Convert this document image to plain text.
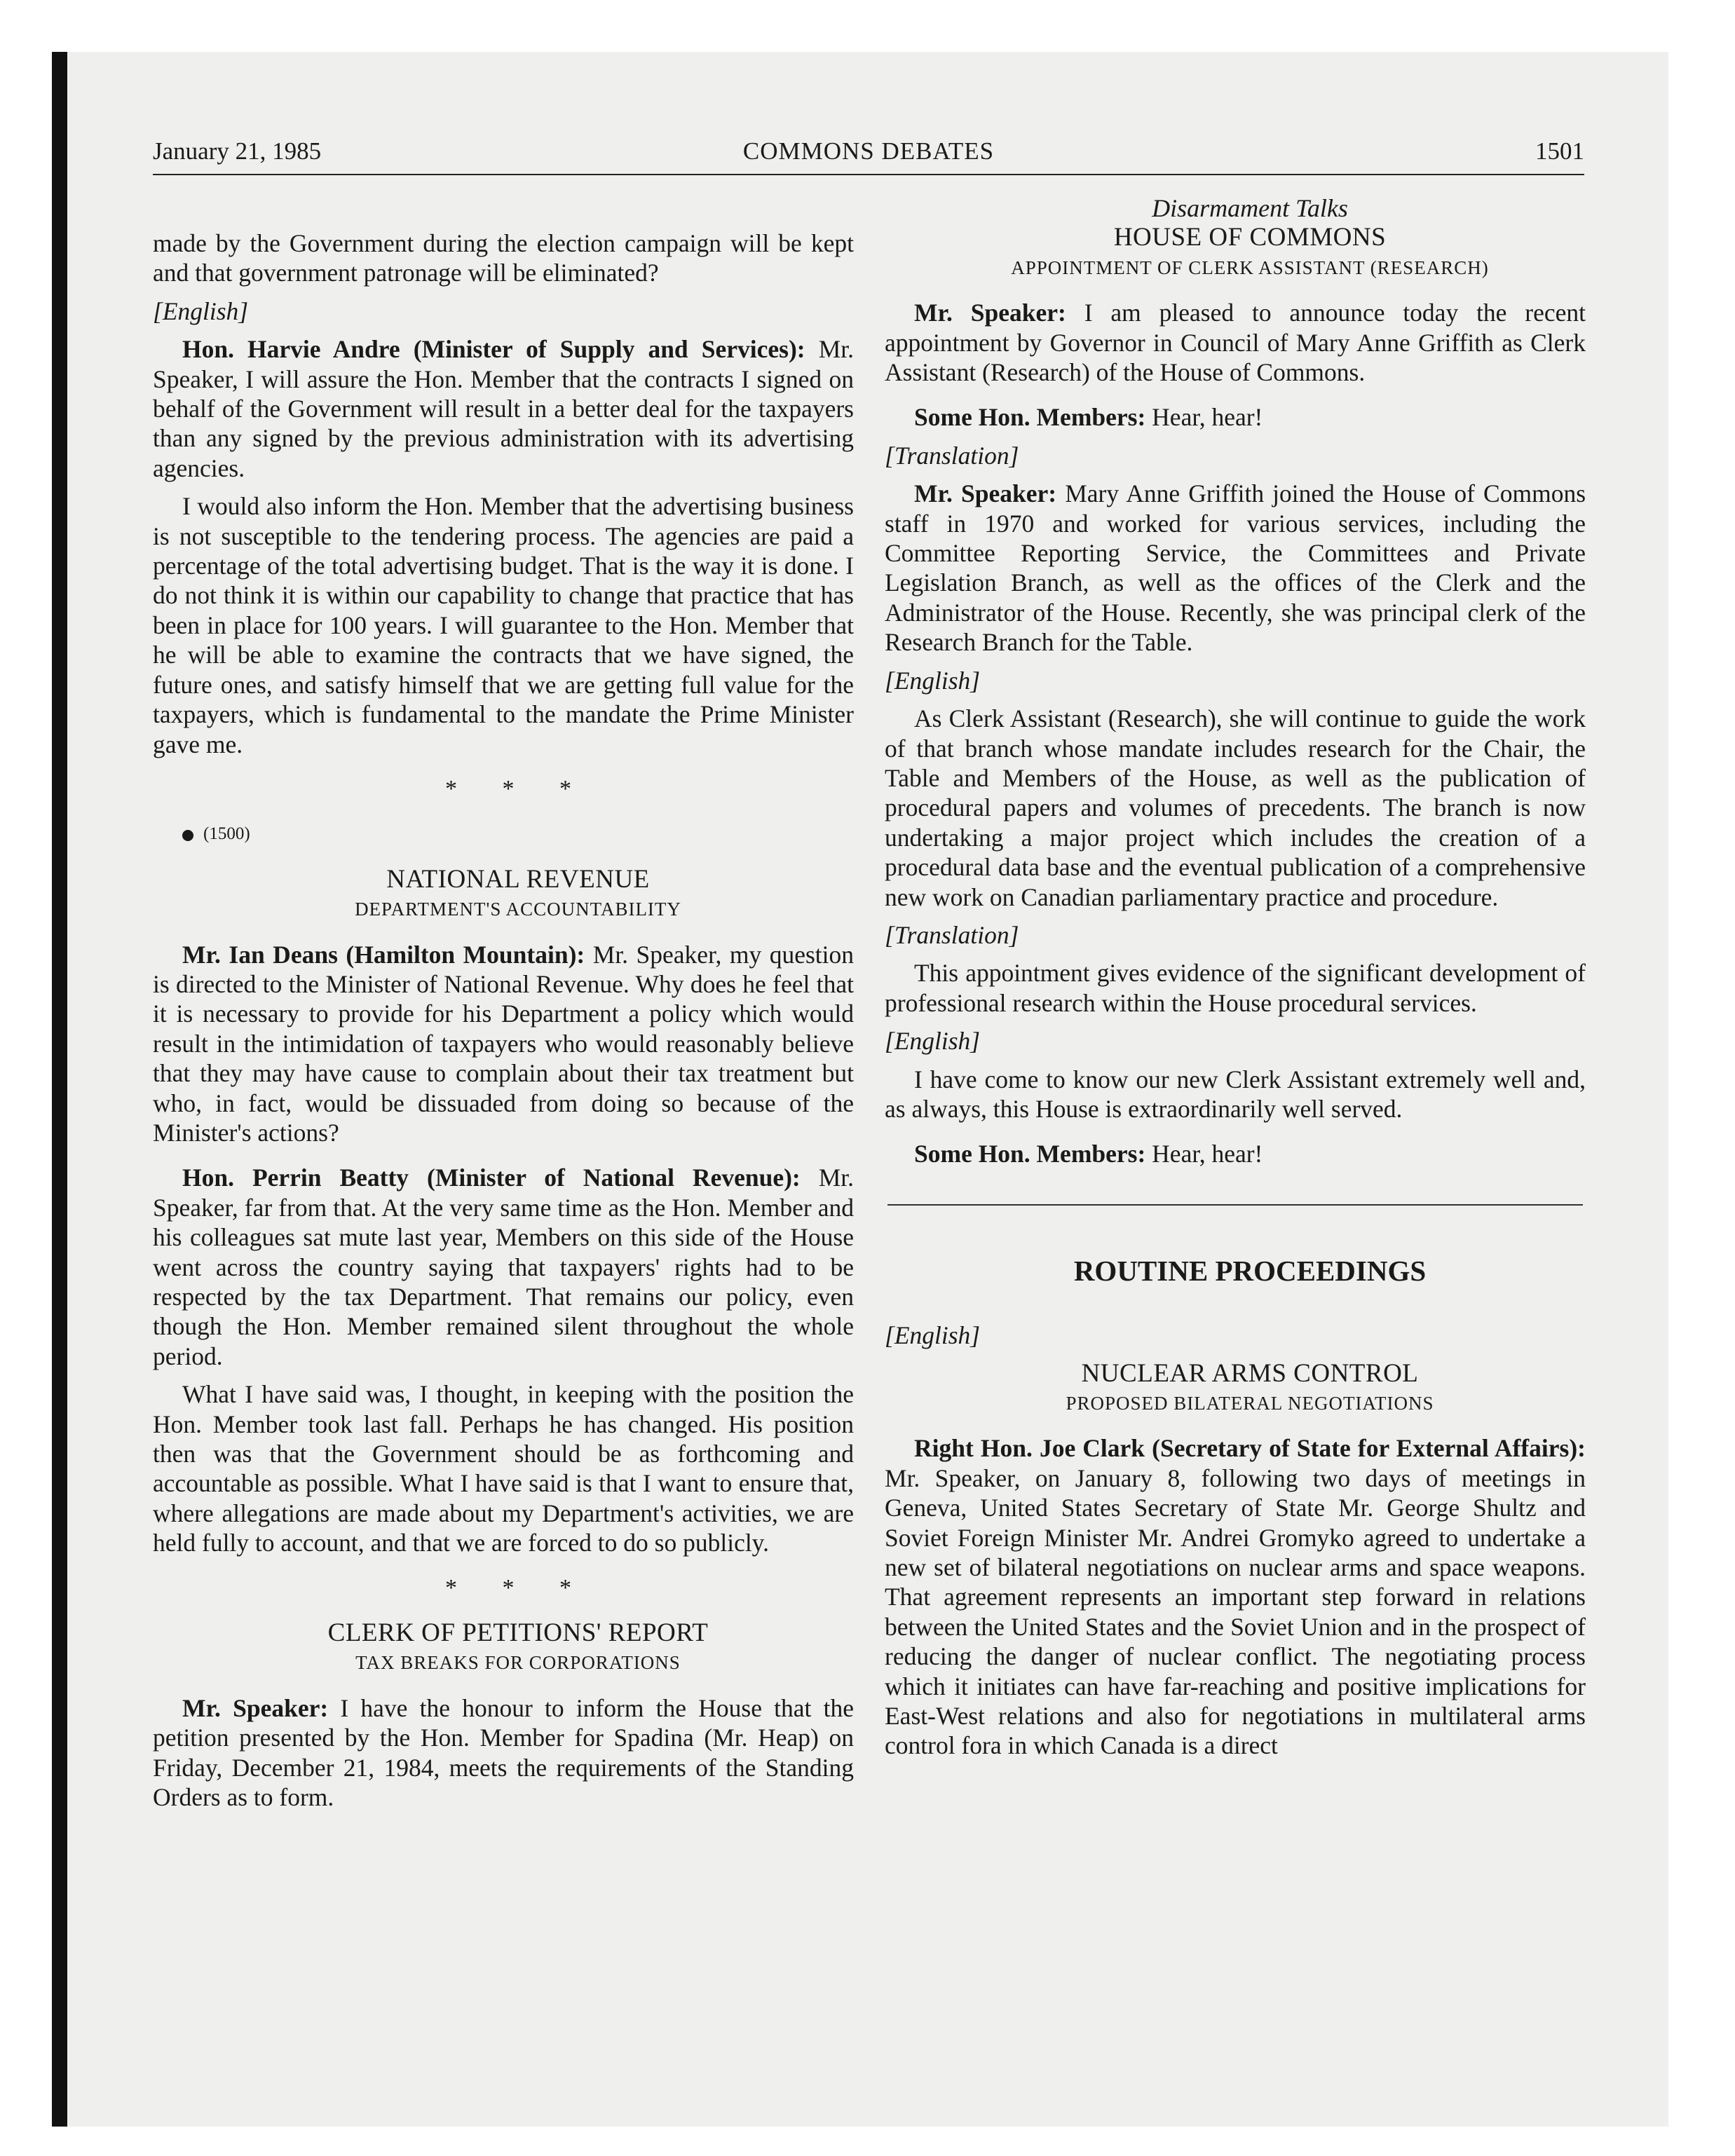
January 21, 1985	COMMONS DEBATES	1501

made by the Government during the election campaign will be kept and that government patronage will be eliminated?

[English]

Hon. Harvie Andre (Minister of Supply and Services): Mr. Speaker, I will assure the Hon. Member that the contracts I signed on behalf of the Government will result in a better deal for the taxpayers than any signed by the previous administration with its advertising agencies.

I would also inform the Hon. Member that the advertising business is not susceptible to the tendering process. The agencies are paid a percentage of the total advertising budget. That is the way it is done. I do not think it is within our capability to change that practice that has been in place for 100 years. I will guarantee to the Hon. Member that he will be able to examine the contracts that we have signed, the future ones, and satisfy himself that we are getting full value for the taxpayers, which is fundamental to the mandate the Prime Minister gave me.

* * *

(1500)

NATIONAL REVENUE

DEPARTMENT'S ACCOUNTABILITY

Mr. Ian Deans (Hamilton Mountain): Mr. Speaker, my question is directed to the Minister of National Revenue. Why does he feel that it is necessary to provide for his Department a policy which would result in the intimidation of taxpayers who would reasonably believe that they may have cause to complain about their tax treatment but who, in fact, would be dissuaded from doing so because of the Minister's actions?

Hon. Perrin Beatty (Minister of National Revenue): Mr. Speaker, far from that. At the very same time as the Hon. Member and his colleagues sat mute last year, Members on this side of the House went across the country saying that taxpayers' rights had to be respected by the tax Department. That remains our policy, even though the Hon. Member remained silent throughout the whole period.

What I have said was, I thought, in keeping with the position the Hon. Member took last fall. Perhaps he has changed. His position then was that the Government should be as forthcoming and accountable as possible. What I have said is that I want to ensure that, where allegations are made about my Department's activities, we are held fully to account, and that we are forced to do so publicly.

* * *

CLERK OF PETITIONS' REPORT

TAX BREAKS FOR CORPORATIONS

Mr. Speaker: I have the honour to inform the House that the petition presented by the Hon. Member for Spadina (Mr. Heap) on Friday, December 21, 1984, meets the requirements of the Standing Orders as to form.

Disarmament Talks

HOUSE OF COMMONS

APPOINTMENT OF CLERK ASSISTANT (RESEARCH)

Mr. Speaker: I am pleased to announce today the recent appointment by Governor in Council of Mary Anne Griffith as Clerk Assistant (Research) of the House of Commons.

Some Hon. Members: Hear, hear!

[Translation]

Mr. Speaker: Mary Anne Griffith joined the House of Commons staff in 1970 and worked for various services, including the Committee Reporting Service, the Committees and Private Legislation Branch, as well as the offices of the Clerk and the Administrator of the House. Recently, she was principal clerk of the Research Branch for the Table.

[English]

As Clerk Assistant (Research), she will continue to guide the work of that branch whose mandate includes research for the Chair, the Table and Members of the House, as well as the publication of procedural papers and volumes of precedents. The branch is now undertaking a major project which includes the creation of a procedural data base and the eventual publication of a comprehensive new work on Canadian parliamentary practice and procedure.

[Translation]

This appointment gives evidence of the significant development of professional research within the House procedural services.

[English]

I have come to know our new Clerk Assistant extremely well and, as always, this House is extraordinarily well served.

Some Hon. Members: Hear, hear!

ROUTINE PROCEEDINGS

[English]

NUCLEAR ARMS CONTROL

PROPOSED BILATERAL NEGOTIATIONS

Right Hon. Joe Clark (Secretary of State for External Affairs): Mr. Speaker, on January 8, following two days of meetings in Geneva, United States Secretary of State Mr. George Shultz and Soviet Foreign Minister Mr. Andrei Gromyko agreed to undertake a new set of bilateral negotiations on nuclear arms and space weapons. That agreement represents an important step forward in relations between the United States and the Soviet Union and in the prospect of reducing the danger of nuclear conflict. The negotiating process which it initiates can have far-reaching and positive implications for East-West relations and also for negotiations in multilateral arms control fora in which Canada is a direct
